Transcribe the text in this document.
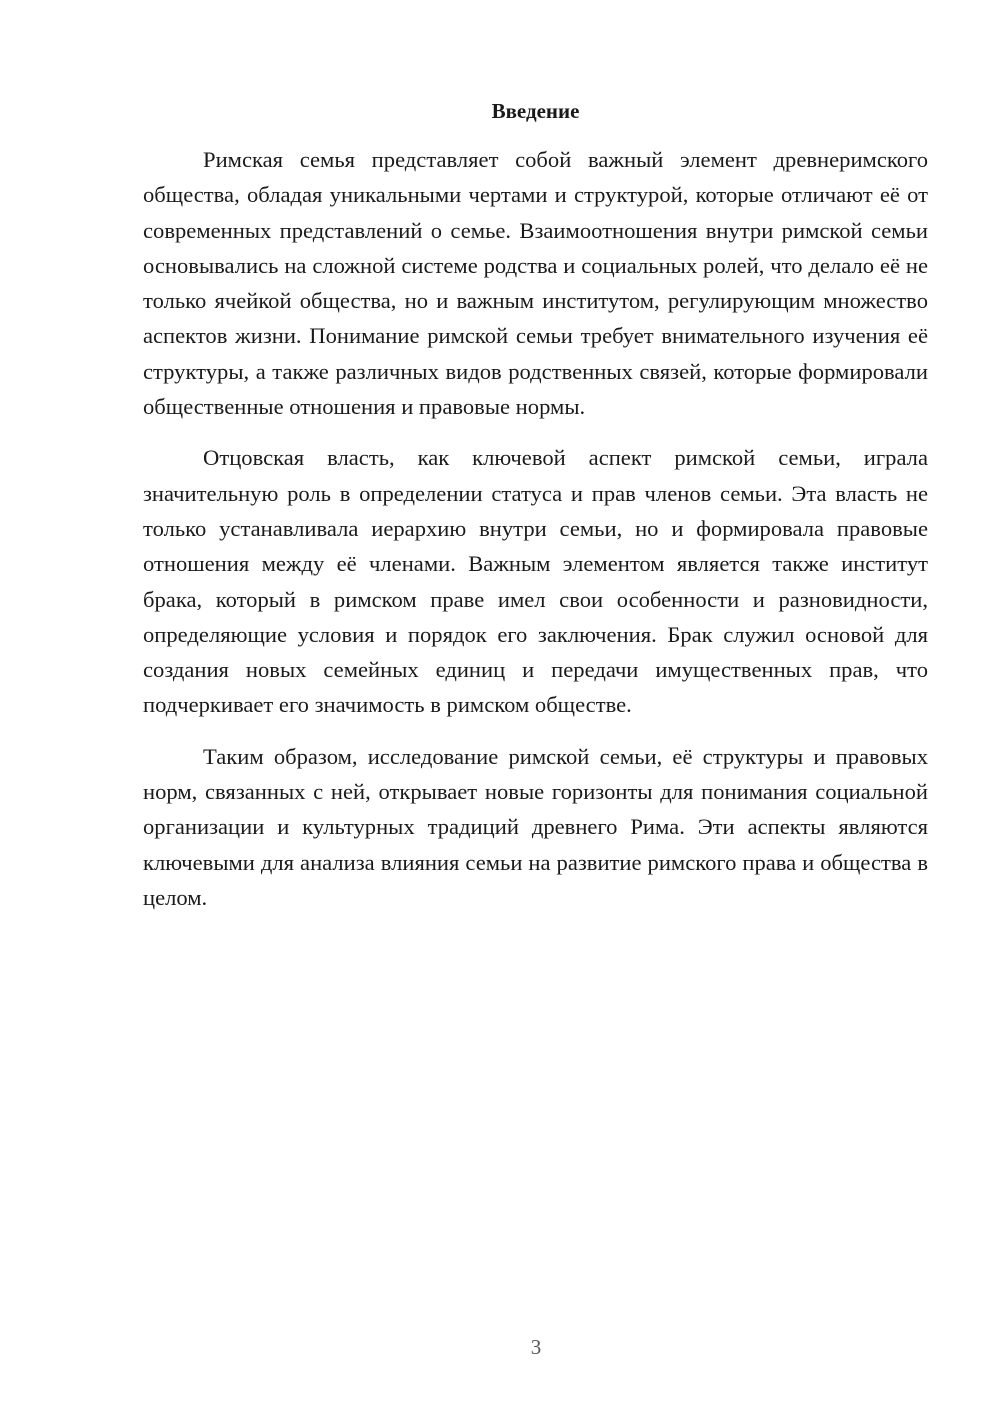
Введение

Римская семья представляет собой важный элемент древнеримского общества, обладая уникальными чертами и структурой, которые отличают её от современных представлений о семье. Взаимоотношения внутри римской семьи основывались на сложной системе родства и социальных ролей, что делало её не только ячейкой общества, но и важным институтом, регулирующим множество аспектов жизни. Понимание римской семьи требует внимательного изучения её структуры, а также различных видов родственных связей, которые формировали общественные отношения и правовые нормы.

Отцовская власть, как ключевой аспект римской семьи, играла значительную роль в определении статуса и прав членов семьи. Эта власть не только устанавливала иерархию внутри семьи, но и формировала правовые отношения между её членами. Важным элементом является также институт брака, который в римском праве имел свои особенности и разновидности, определяющие условия и порядок его заключения. Брак служил основой для создания новых семейных единиц и передачи имущественных прав, что подчеркивает его значимость в римском обществе.

Таким образом, исследование римской семьи, её структуры и правовых норм, связанных с ней, открывает новые горизонты для понимания социальной организации и культурных традиций древнего Рима. Эти аспекты являются ключевыми для анализа влияния семьи на развитие римского права и общества в целом.

3
